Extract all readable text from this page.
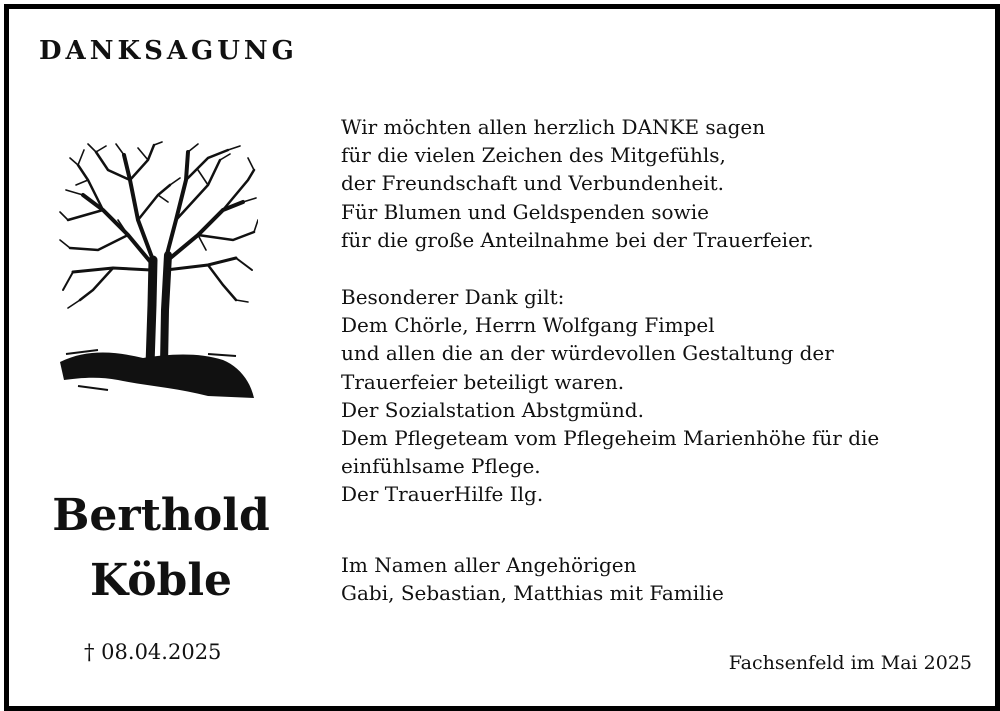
DANKSAGUNG
Berthold
Köble
† 08.04.2025
Wir möchten allen herzlich DANKE sagen
für die vielen Zeichen des Mitgefühls,
der Freundschaft und Verbundenheit.
Für Blumen und Geldspenden sowie
für die große Anteilnahme bei der Trauerfeier.
Besonderer Dank gilt:
Dem Chörle, Herrn Wolfgang Fimpel
und allen die an der würdevollen Gestaltung der
Trauerfeier beteiligt waren.
Der Sozialstation Abstgmünd.
Dem Pflegeteam vom Pflegeheim Marienhöhe für die
einfühlsame Pflege.
Der TrauerHilfe Ilg.
Im Namen aller Angehörigen
Gabi, Sebastian, Matthias mit Familie

Fachsenfeld im Mai 2025
